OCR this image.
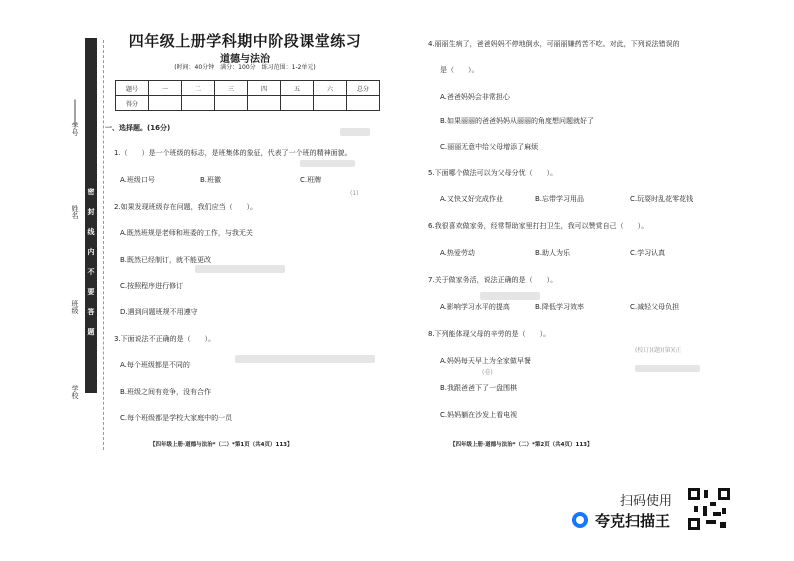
四年级上册学科期中阶段课堂练习
道德与法治
(时间：40分钟　满分：100分　练习范围：1-2单元)
题号	一	二	三	四	五	六	总分
得分							
密
封
线
内
不
要
答
题
学号
姓名
班级
学校
一、选择题。(16分)
1.（　　）是一个班级的标志，是班集体的象征，代表了一个班的精神面貌。
A.班级口号	B.班徽	C.班牌
2.如果发现班级存在问题，我们应当（　　）。
A.既然班规是老师和班委的工作，与我无关
B.既然已经制订，就不能更改
C.按照程序进行修订
D.遇到问题班规不用遵守
3.下面说法不正确的是（　　）。
A.每个班级都是不同的
B.班级之间有竞争，没有合作
C.每个班级都是学校大家庭中的一员
(1)
【四年级上册·道德与法治*（二）*第1页（共4页）113】
4.丽丽生病了，爸爸妈妈不停地倒水，可丽丽嫌药苦不吃。对此，下列说法错误的
是（　　）。
A.爸爸妈妈会非常担心
B.如果丽丽的爸爸妈妈从丽丽的角度想问题就好了
C.丽丽无意中给父母增添了麻烦
5.下面哪个做法可以为父母分忧（　　）。
A.又快又好完成作业	B.忘带学习用品	C.玩耍时乱花零花钱
6.我很喜欢做家务，经常帮助家里打扫卫生，我可以赞赏自己（　　）。
A.热爱劳动	B.助人为乐	C.学习认真
7.关于做家务活，说法正确的是（　　）。
A.影响学习水平的提高	B.降低学习效率	C.减轻父母负担
8.下列能体现父母的辛劳的是（　　）。
A.妈妈每天早上为全家做早餐
B.我跟爸爸下了一盘围棋
C.妈妈躺在沙发上看电视
(卷)
(校订)(题)(第)(正
【四年级上册·道德与法治*（二）*第2页（共4页）113】
扫码使用
夸克扫描王
